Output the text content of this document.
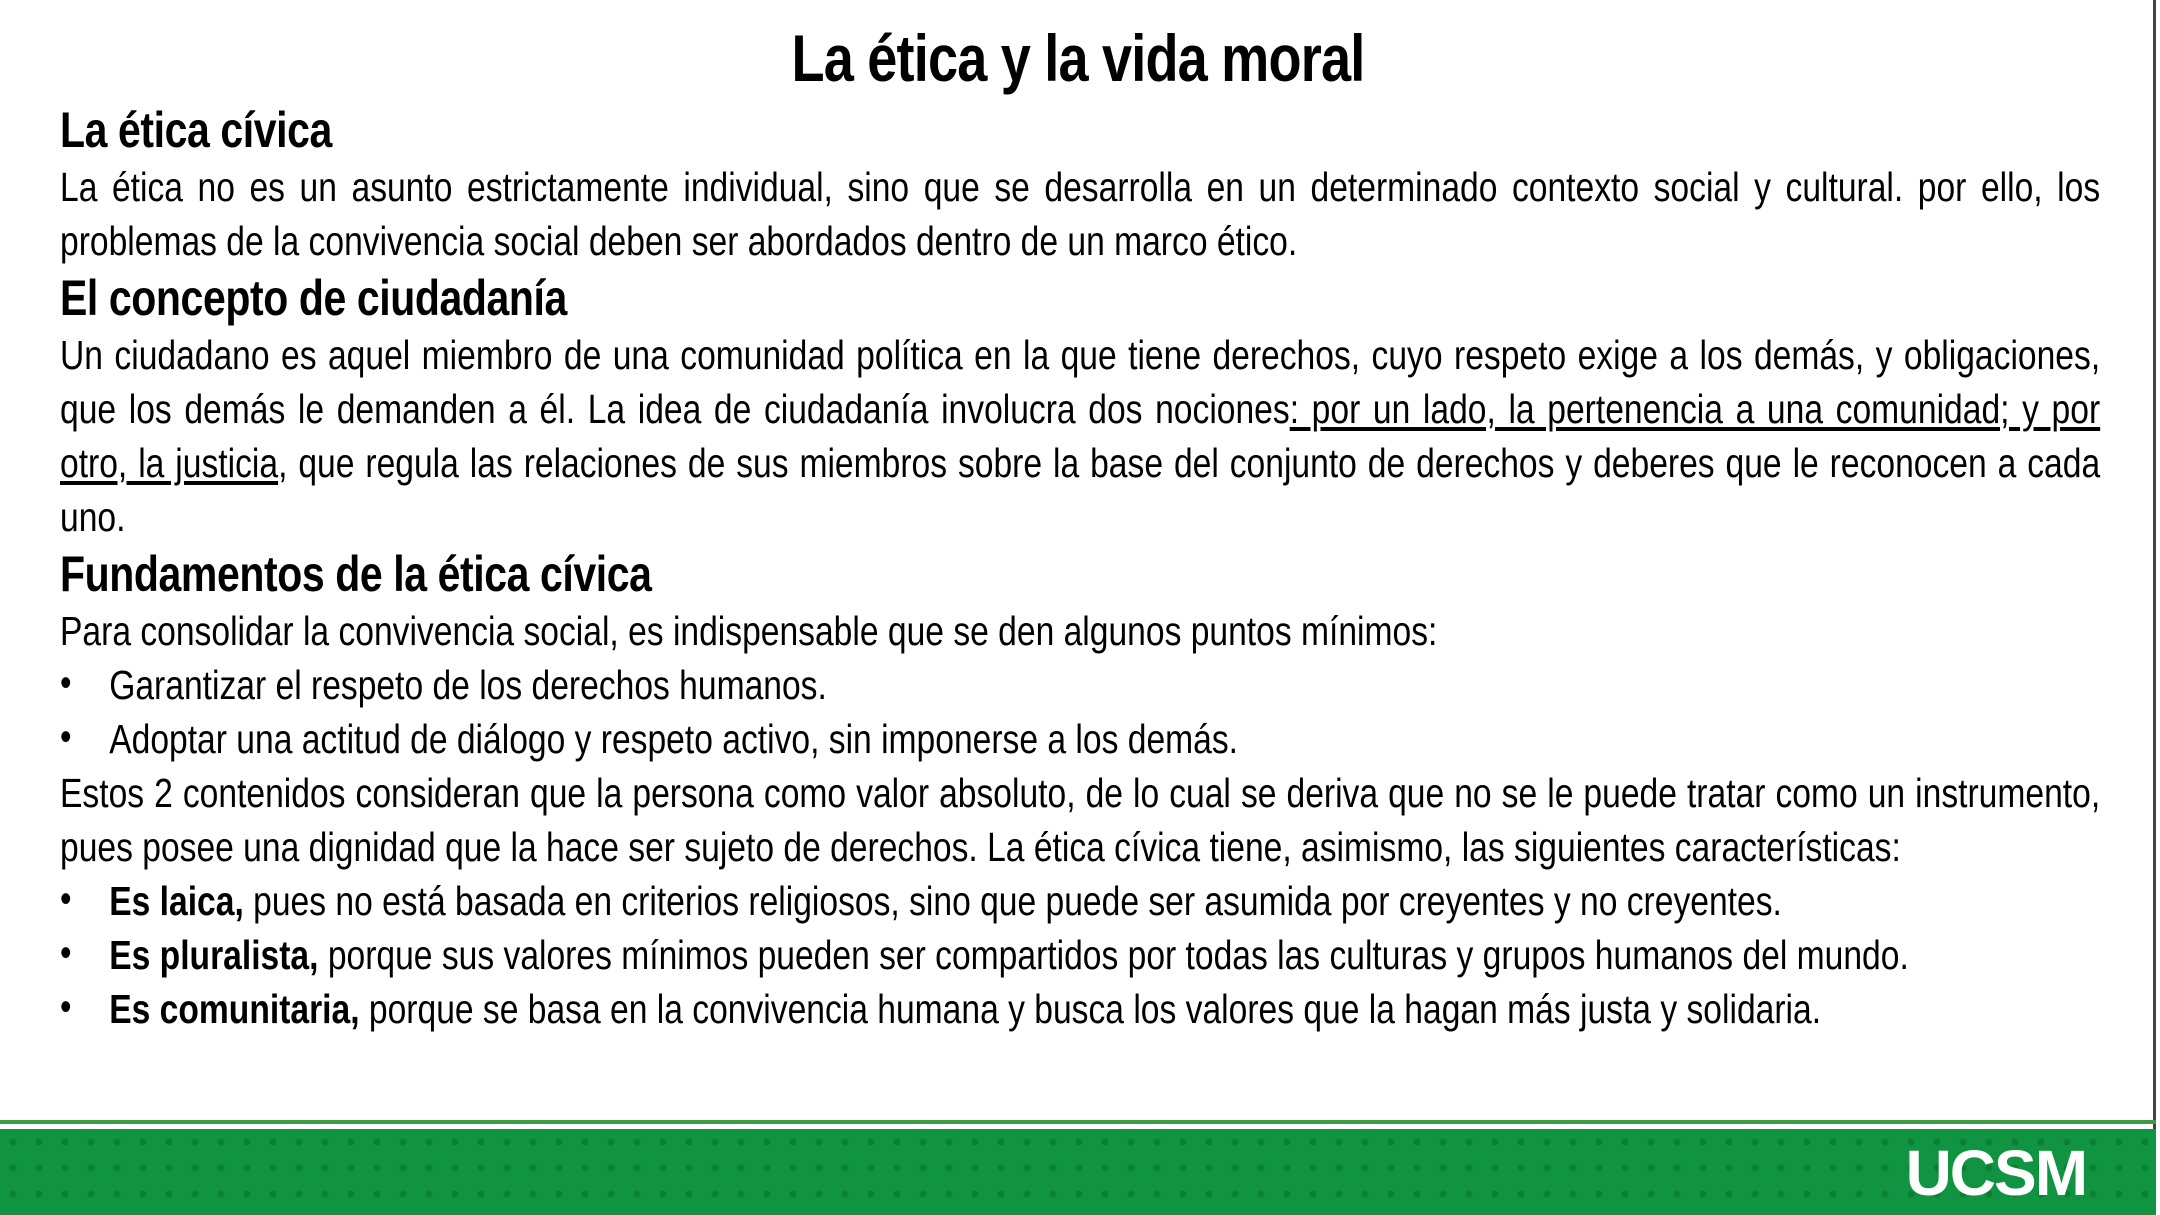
La ética y la vida moral
La ética cívica

La ética no es un asunto estrictamente individual, sino que se desarrolla en un determinado contexto social y cultural. por ello, los problemas de la convivencia social deben ser abordados dentro de un marco ético.

El concepto de ciudadanía

Un ciudadano es aquel miembro de una comunidad política en la que tiene derechos, cuyo respeto exige a los demás, y obligaciones, que los demás le demanden a él. La idea de ciudadanía involucra dos nociones: por un lado, la pertenencia a una comunidad; y por otro, la justicia, que regula las relaciones de sus miembros sobre la base del conjunto de derechos y deberes que le reconocen a cada uno.

Fundamentos de la ética cívica

Para consolidar la convivencia social, es indispensable que se den algunos puntos mínimos:

• Garantizar el respeto de los derechos humanos.
• Adoptar una actitud de diálogo y respeto activo, sin imponerse a los demás.

Estos 2 contenidos consideran que la persona como valor absoluto, de lo cual se deriva que no se le puede tratar como un instrumento, pues posee una dignidad que la hace ser sujeto de derechos. La ética cívica tiene, asimismo, las siguientes características:

• Es laica, pues no está basada en criterios religiosos, sino que puede ser asumida por creyentes y no creyentes.
• Es pluralista, porque sus valores mínimos pueden ser compartidos por todas las culturas y grupos humanos del mundo.
• Es comunitaria, porque se basa en la convivencia humana y busca los valores que la hagan más justa y solidaria.
UCSM
